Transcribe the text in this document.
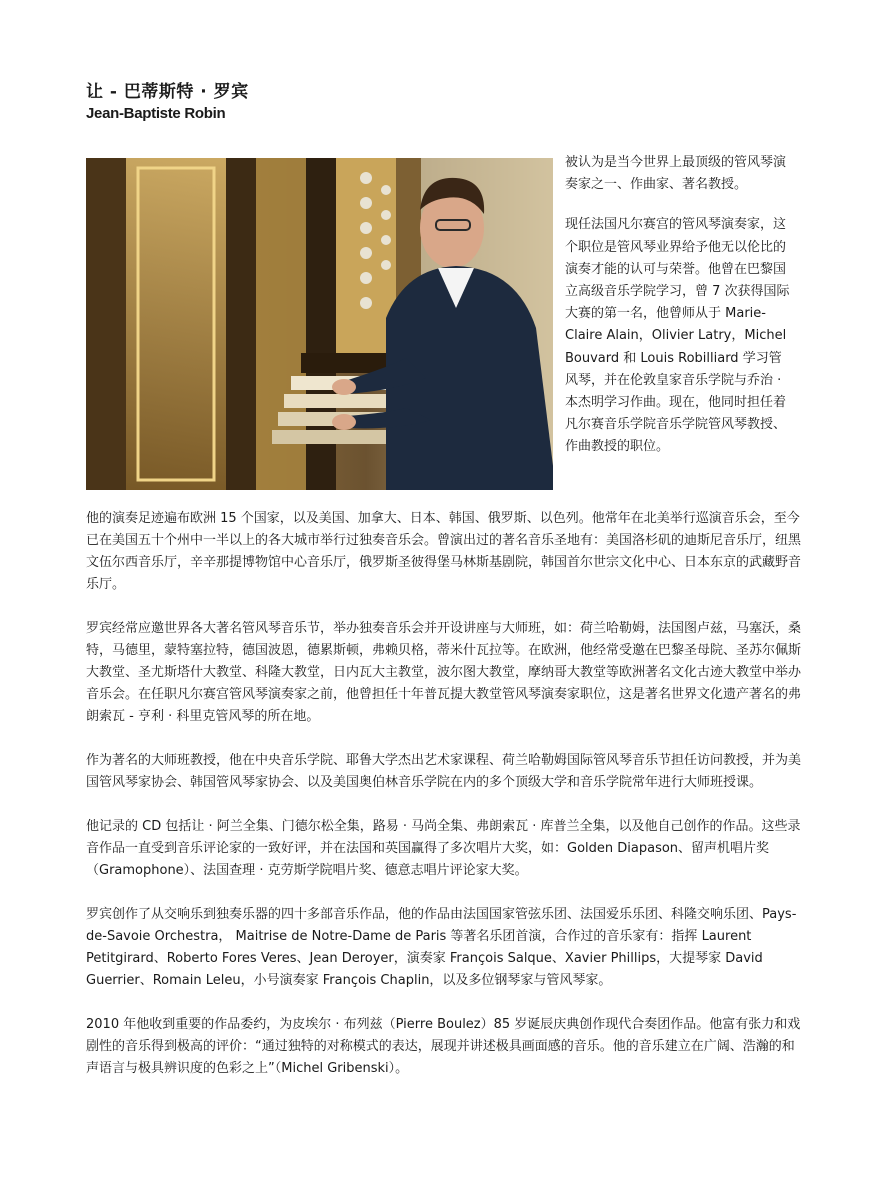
让 - 巴蒂斯特 · 罗宾
Jean-Baptiste Robin

被认为是当今世界上最顶级的管风琴演奏家之一、作曲家、著名教授。

现任法国凡尔赛宫的管风琴演奏家，这个职位是管风琴业界给予他无以伦比的演奏才能的认可与荣誉。他曾在巴黎国立高级音乐学院学习，曾 7 次获得国际大赛的第一名，他曾师从于 Marie-Claire Alain，Olivier Latry，Michel Bouvard 和 Louis Robilliard 学习管风琴，并在伦敦皇家音乐学院与乔治 · 本杰明学习作曲。现在，他同时担任着凡尔赛音乐学院音乐学院管风琴教授、作曲教授的职位。

他的演奏足迹遍布欧洲 15 个国家，以及美国、加拿大、日本、韩国、俄罗斯、以色列。他常年在北美举行巡演音乐会，至今已在美国五十个州中一半以上的各大城市举行过独奏音乐会。曾演出过的著名音乐圣地有：美国洛杉矶的迪斯尼音乐厅，纽黑文伍尔西音乐厅，辛辛那提博物馆中心音乐厅，俄罗斯圣彼得堡马林斯基剧院，韩国首尔世宗文化中心、日本东京的武藏野音乐厅。

罗宾经常应邀世界各大著名管风琴音乐节，举办独奏音乐会并开设讲座与大师班，如：荷兰哈勒姆，法国图卢兹，马塞沃，桑特，马德里，蒙特塞拉特，德国波恩，德累斯顿，弗赖贝格，蒂米什瓦拉等。在欧洲，他经常受邀在巴黎圣母院、圣苏尔佩斯大教堂、圣尤斯塔什大教堂、科隆大教堂，日内瓦大主教堂，波尔图大教堂，摩纳哥大教堂等欧洲著名文化古迹大教堂中举办音乐会。在任职凡尔赛宫管风琴演奏家之前，他曾担任十年普瓦提大教堂管风琴演奏家职位，这是著名世界文化遗产著名的弗朗索瓦 - 亨利 · 科里克管风琴的所在地。

作为著名的大师班教授，他在中央音乐学院、耶鲁大学杰出艺术家课程、荷兰哈勒姆国际管风琴音乐节担任访问教授，并为美国管风琴家协会、韩国管风琴家协会、以及美国奥伯林音乐学院在内的多个顶级大学和音乐学院常年进行大师班授课。

他记录的 CD 包括让 · 阿兰全集、门德尔松全集，路易 · 马尚全集、弗朗索瓦 · 库普兰全集，以及他自己创作的作品。这些录音作品一直受到音乐评论家的一致好评，并在法国和英国赢得了多次唱片大奖，如：Golden Diapason、留声机唱片奖（Gramophone）、法国查理 · 克劳斯学院唱片奖、德意志唱片评论家大奖。

罗宾创作了从交响乐到独奏乐器的四十多部音乐作品，他的作品由法国国家管弦乐团、法国爱乐乐团、科隆交响乐团、Pays-de-Savoie Orchestra， Maitrise de Notre-Dame de Paris 等著名乐团首演，合作过的音乐家有：指挥 Laurent Petitgirard、Roberto Fores Veres、Jean Deroyer，演奏家 François Salque、Xavier Phillips，大提琴家 David Guerrier、Romain Leleu，小号演奏家 François Chaplin，以及多位钢琴家与管风琴家。

2010 年他收到重要的作品委约，为皮埃尔 · 布列兹（Pierre Boulez）85 岁诞辰庆典创作现代合奏团作品。他富有张力和戏剧性的音乐得到极高的评价：“通过独特的对称模式的表达，展现并讲述极具画面感的音乐。他的音乐建立在广阔、浩瀚的和声语言与极具辨识度的色彩之上”（Michel Gribenski）。
